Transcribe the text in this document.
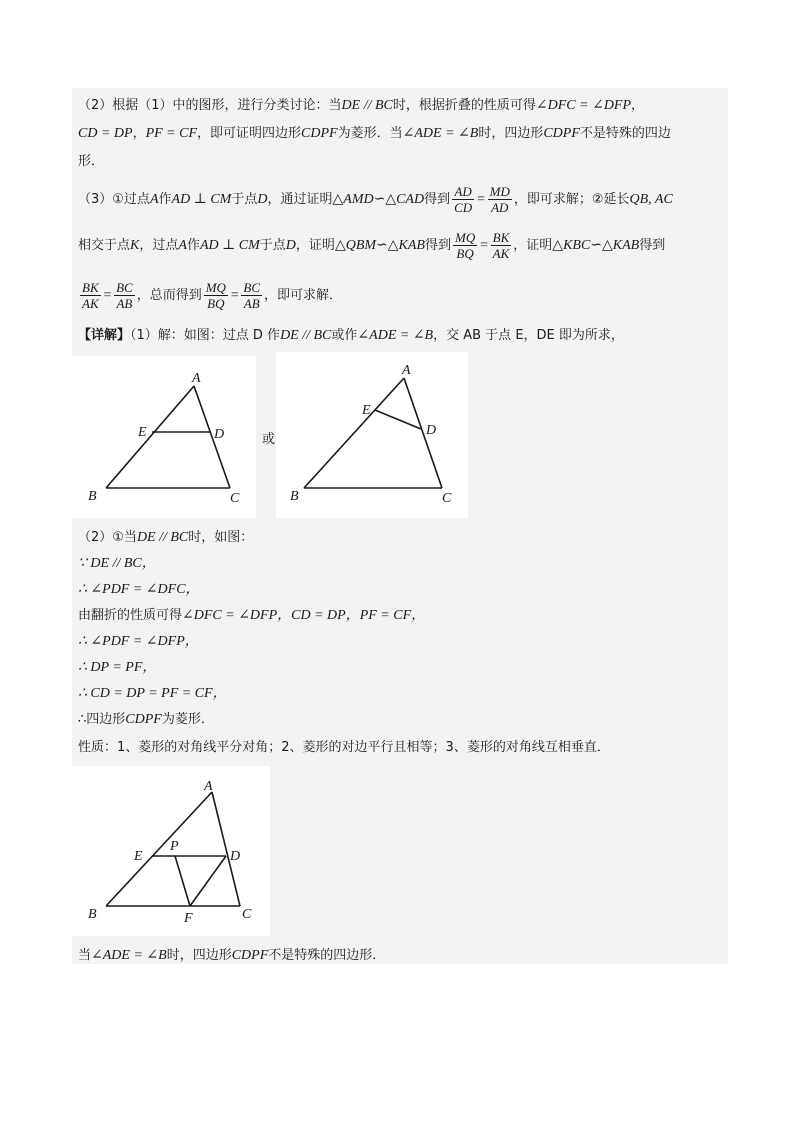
（2）根据（1）中的图形，进行分类讨论：当DE // BC时，根据折叠的性质可得∠DFC = ∠DFP，
CD = DP，PF = CF，即可证明四边形CDPF为菱形．当∠ADE = ∠B时，四边形CDPF不是特殊的四边
形．
（3）①过点A作AD ⊥ CM于点D，通过证明△AMD∽△CAD得到 $\frac{AD}{CD} = \frac{MD}{AD}$ ，即可求解；②延长QB, AC
相交于点K，过点A作AD ⊥ CM于点D，证明△QBM∽△KAB得到 $\frac{MQ}{BQ} = \frac{BK}{AK}$ ，证明△KBC∽△KAB得到
$\frac{BK}{AK} = \frac{BC}{AB}$ ，总而得到 $\frac{MQ}{BQ} = \frac{BC}{AB}$ ，即可求解．
【详解】（1）解：如图：过点 D 作DE // BC或作∠ADE = ∠B，交 AB 于点 E，DE 即为所求，
A
E	D
B	C
或
A
E
D
B	C
（2）①当DE // BC时，如图：
∵ DE // BC，
∴ ∠PDF = ∠DFC，
由翻折的性质可得∠DFC = ∠DFP，CD = DP，PF = CF，
∴ ∠PDF = ∠DFP，
∴ DP = PF，
∴ CD = DP = PF = CF，
∴四边形CDPF为菱形．
性质：1、菱形的对角线平分对角；2、菱形的对边平行且相等；3、菱形的对角线互相垂直．
A
E
P
D
B	F	C
当∠ADE = ∠B时，四边形CDPF不是特殊的四边形．
